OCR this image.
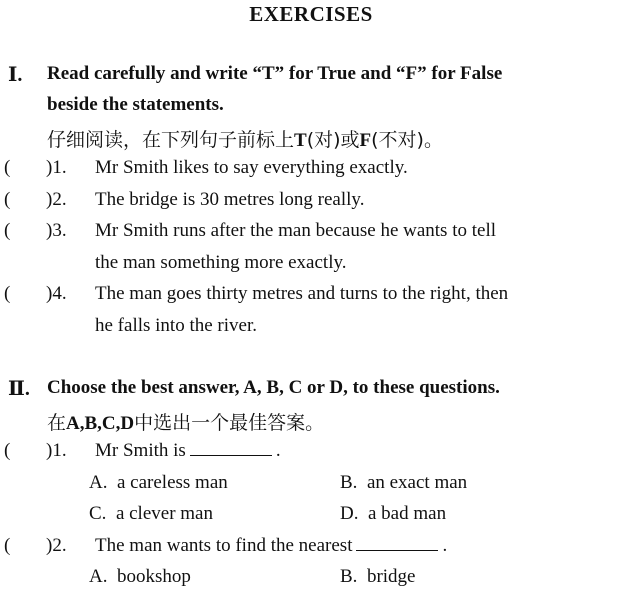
EXERCISES
Ⅰ. Read carefully and write “T” for True and “F” for False
beside the statements.
仔细阅读，在下列句子前标上T(对)或F(不对)。
( )1. Mr Smith likes to say everything exactly.
( )2. The bridge is 30 metres long really.
( )3. Mr Smith runs after the man because he wants to tell
the man something more exactly.
( )4. The man goes thirty metres and turns to the right, then
he falls into the river.
Ⅱ. Choose the best answer, A, B, C or D, to these questions.
在A,B,C,D中选出一个最佳答案。
( )1. Mr Smith is	.
A. a careless man	B. an exact man
C. a clever man	D. a bad man
( )2. The man wants to find the nearest	.
A. bookshop	B. bridge
